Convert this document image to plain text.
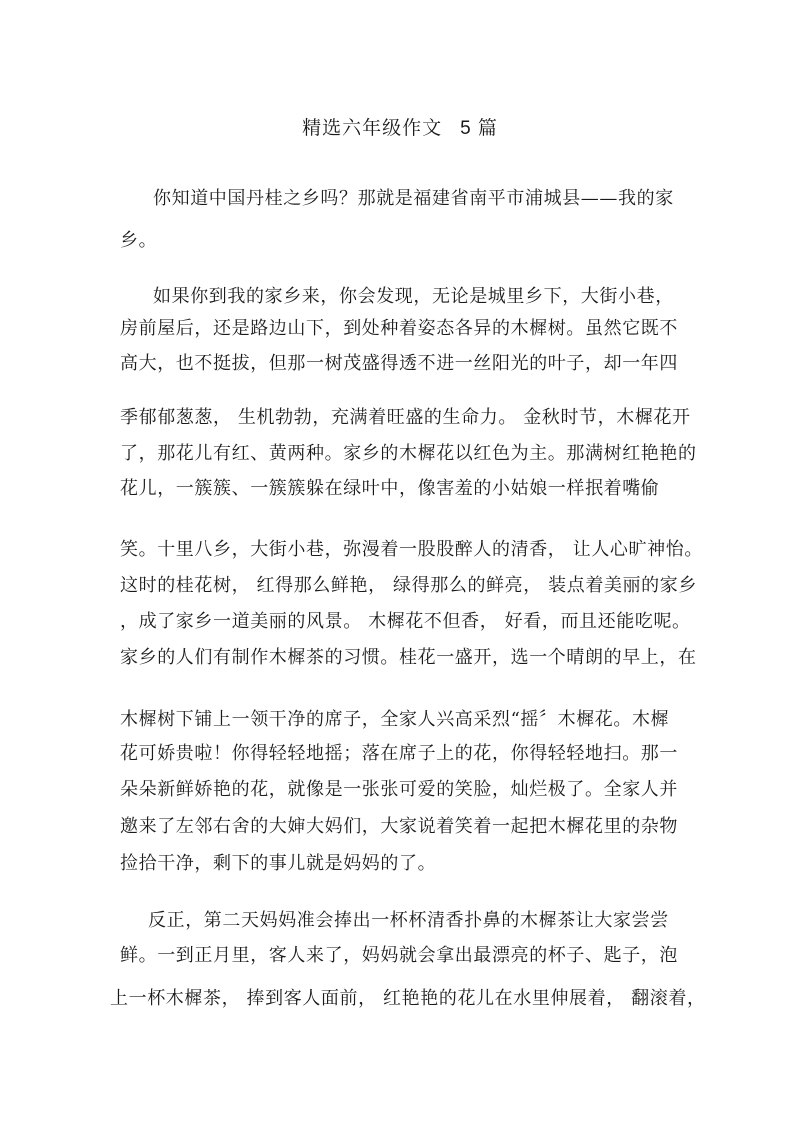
精选六年级作文 5 篇
你知道中国丹桂之乡吗？那就是福建省南平市浦城县——我的家
乡。
如果你到我的家乡来，你会发现，无论是城里乡下，大街小巷，
房前屋后，还是路边山下，到处种着姿态各异的木樨树。虽然它既不
高大，也不挺拔，但那一树茂盛得透不进一丝阳光的叶子，却一年四
季郁郁葱葱， 生机勃勃，充满着旺盛的生命力。 金秋时节，木樨花开
了，那花儿有红、黄两种。家乡的木樨花以红色为主。那满树红艳艳的
花儿，一簇簇、一簇簇躲在绿叶中，像害羞的小姑娘一样抿着嘴偷
笑。十里八乡，大街小巷，弥漫着一股股醉人的清香， 让人心旷神怡。
这时的桂花树， 红得那么鲜艳， 绿得那么的鲜亮， 装点着美丽的家乡
，成了家乡一道美丽的风景。 木樨花不但香， 好看，而且还能吃呢。
家乡的人们有制作木樨茶的习惯。桂花一盛开，选一个晴朗的早上，在
木樨树下铺上一领干净的席子，全家人兴高采烈“摇〞木樨花。木樨
花可娇贵啦！你得轻轻地摇；落在席子上的花，你得轻轻地扫。那一
朵朵新鲜娇艳的花，就像是一张张可爱的笑脸，灿烂极了。全家人并
邀来了左邻右舍的大婶大妈们，大家说着笑着一起把木樨花里的杂物
捡拾干净，剩下的事儿就是妈妈的了。
反正，第二天妈妈准会捧出一杯杯清香扑鼻的木樨茶让大家尝尝
鲜。一到正月里，客人来了，妈妈就会拿出最漂亮的杯子、匙子，泡
上一杯木樨茶， 捧到客人面前， 红艳艳的花儿在水里伸展着， 翻滚着，
